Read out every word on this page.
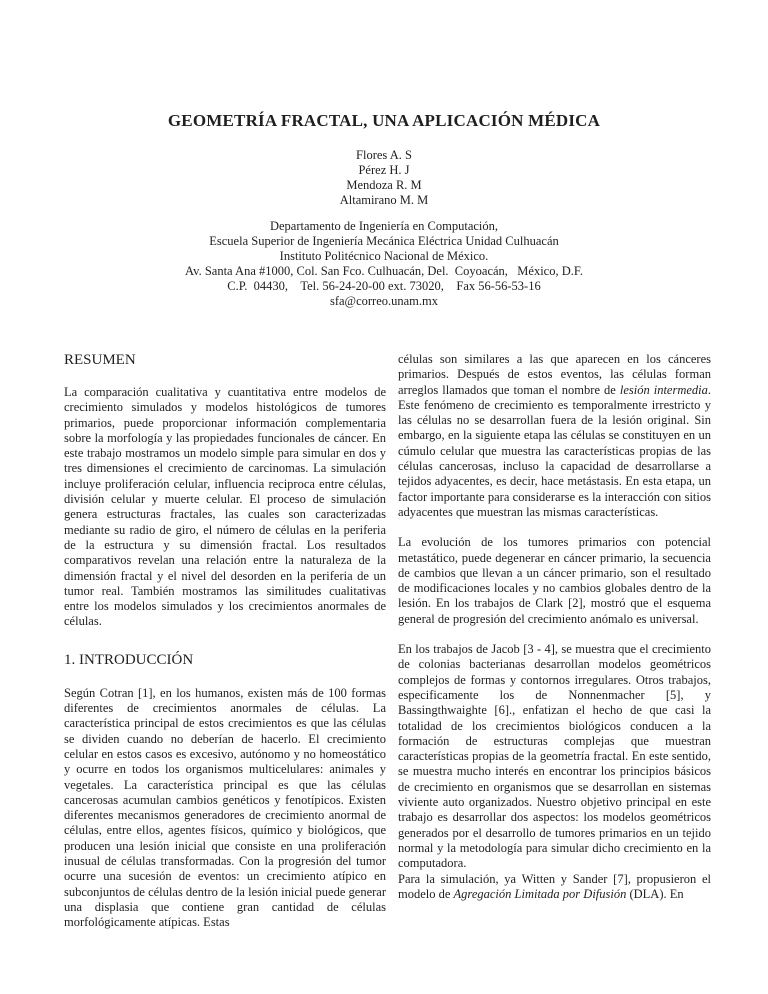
GEOMETRÍA FRACTAL, UNA APLICACIÓN MÉDICA
Flores A. S
Pérez H. J
Mendoza R. M
Altamirano M. M
Departamento de Ingeniería en Computación,
Escuela Superior de Ingeniería Mecánica Eléctrica Unidad Culhuacán
Instituto Politécnico Nacional de México.
Av. Santa Ana #1000, Col. San Fco. Culhuacán, Del.  Coyoacán,   México, D.F.
C.P.  04430,    Tel. 56-24-20-00 ext. 73020,    Fax 56-56-53-16
sfa@correo.unam.mx
RESUMEN

La comparación cualitativa y cuantitativa entre modelos de crecimiento simulados y modelos histológicos de tumores primarios, puede proporcionar información complementaria sobre la morfología y las propiedades funcionales de cáncer. En este trabajo mostramos un modelo simple para simular en dos y tres dimensiones el crecimiento de carcinomas. La simulación incluye proliferación celular, influencia reciproca entre células, división celular y muerte celular. El proceso de simulación genera estructuras fractales, las cuales son caracterizadas mediante su radio de giro, el número de células en la periferia de la estructura y su dimensión fractal. Los resultados comparativos revelan una relación entre la naturaleza de la dimensión fractal y el nivel del desorden en la periferia de un tumor real. También mostramos las similitudes cualitativas entre los modelos simulados y los crecimientos anormales de células.

1. INTRODUCCIÓN

Según Cotran [1], en los humanos, existen más de 100 formas diferentes de crecimientos anormales de células. La característica principal de estos crecimientos es que las células se dividen cuando no deberían de hacerlo. El crecimiento celular en estos casos es excesivo, autónomo y no homeostático y ocurre en todos los organismos multicelulares: animales y vegetales. La característica principal es que las células cancerosas acumulan cambios genéticos y fenotípicos. Existen diferentes mecanismos generadores de crecimiento anormal de células, entre ellos, agentes físicos, químico y biológicos, que producen una lesión inicial que consiste en una proliferación inusual de células transformadas. Con la progresión del tumor ocurre una sucesión de eventos: un crecimiento atípico en subconjuntos de células dentro de la lesión inicial puede generar una displasia que contiene gran cantidad de células morfológicamente atípicas. Estas

células son similares a las que aparecen en los cánceres primarios. Después de estos eventos, las células forman arreglos llamados que toman el nombre de lesión intermedia. Este fenómeno de crecimiento es temporalmente irrestricto y las células no se desarrollan fuera de la lesión original. Sin embargo, en la siguiente etapa las células se constituyen en un cúmulo celular que muestra las características propias de las células cancerosas, incluso la capacidad de desarrollarse a tejidos adyacentes, es decir, hace metástasis. En esta etapa, un factor importante para considerarse es la interacción con sitios adyacentes que muestran las mismas características.

La evolución de los tumores primarios con potencial metastático, puede degenerar en cáncer primario, la secuencia de cambios que llevan a un cáncer primario, son el resultado de modificaciones locales y no cambios globales dentro de la lesión. En los trabajos de Clark [2], mostró que el esquema general de progresión del crecimiento anómalo es universal.

En los trabajos de Jacob [3 - 4], se muestra que el crecimiento de colonias bacterianas desarrollan modelos geométricos complejos de formas y contornos irregulares. Otros trabajos, especificamente los de Nonnenmacher [5], y Bassingthwaighte [6]., enfatizan el hecho de que casi la totalidad de los crecimientos biológicos conducen a la formación de estructuras complejas que muestran características propias de la geometría fractal. En este sentido, se muestra mucho interés en encontrar los principios básicos de crecimiento en organismos que se desarrollan en sistemas viviente auto organizados. Nuestro objetivo principal en este trabajo es desarrollar dos aspectos: los modelos geométricos generados por el desarrollo de tumores primarios en un tejido normal y la metodología para simular dicho crecimiento en la computadora.

Para la simulación, ya Witten y Sander [7], propusieron el modelo de Agregación Limitada por Difusión (DLA). En
